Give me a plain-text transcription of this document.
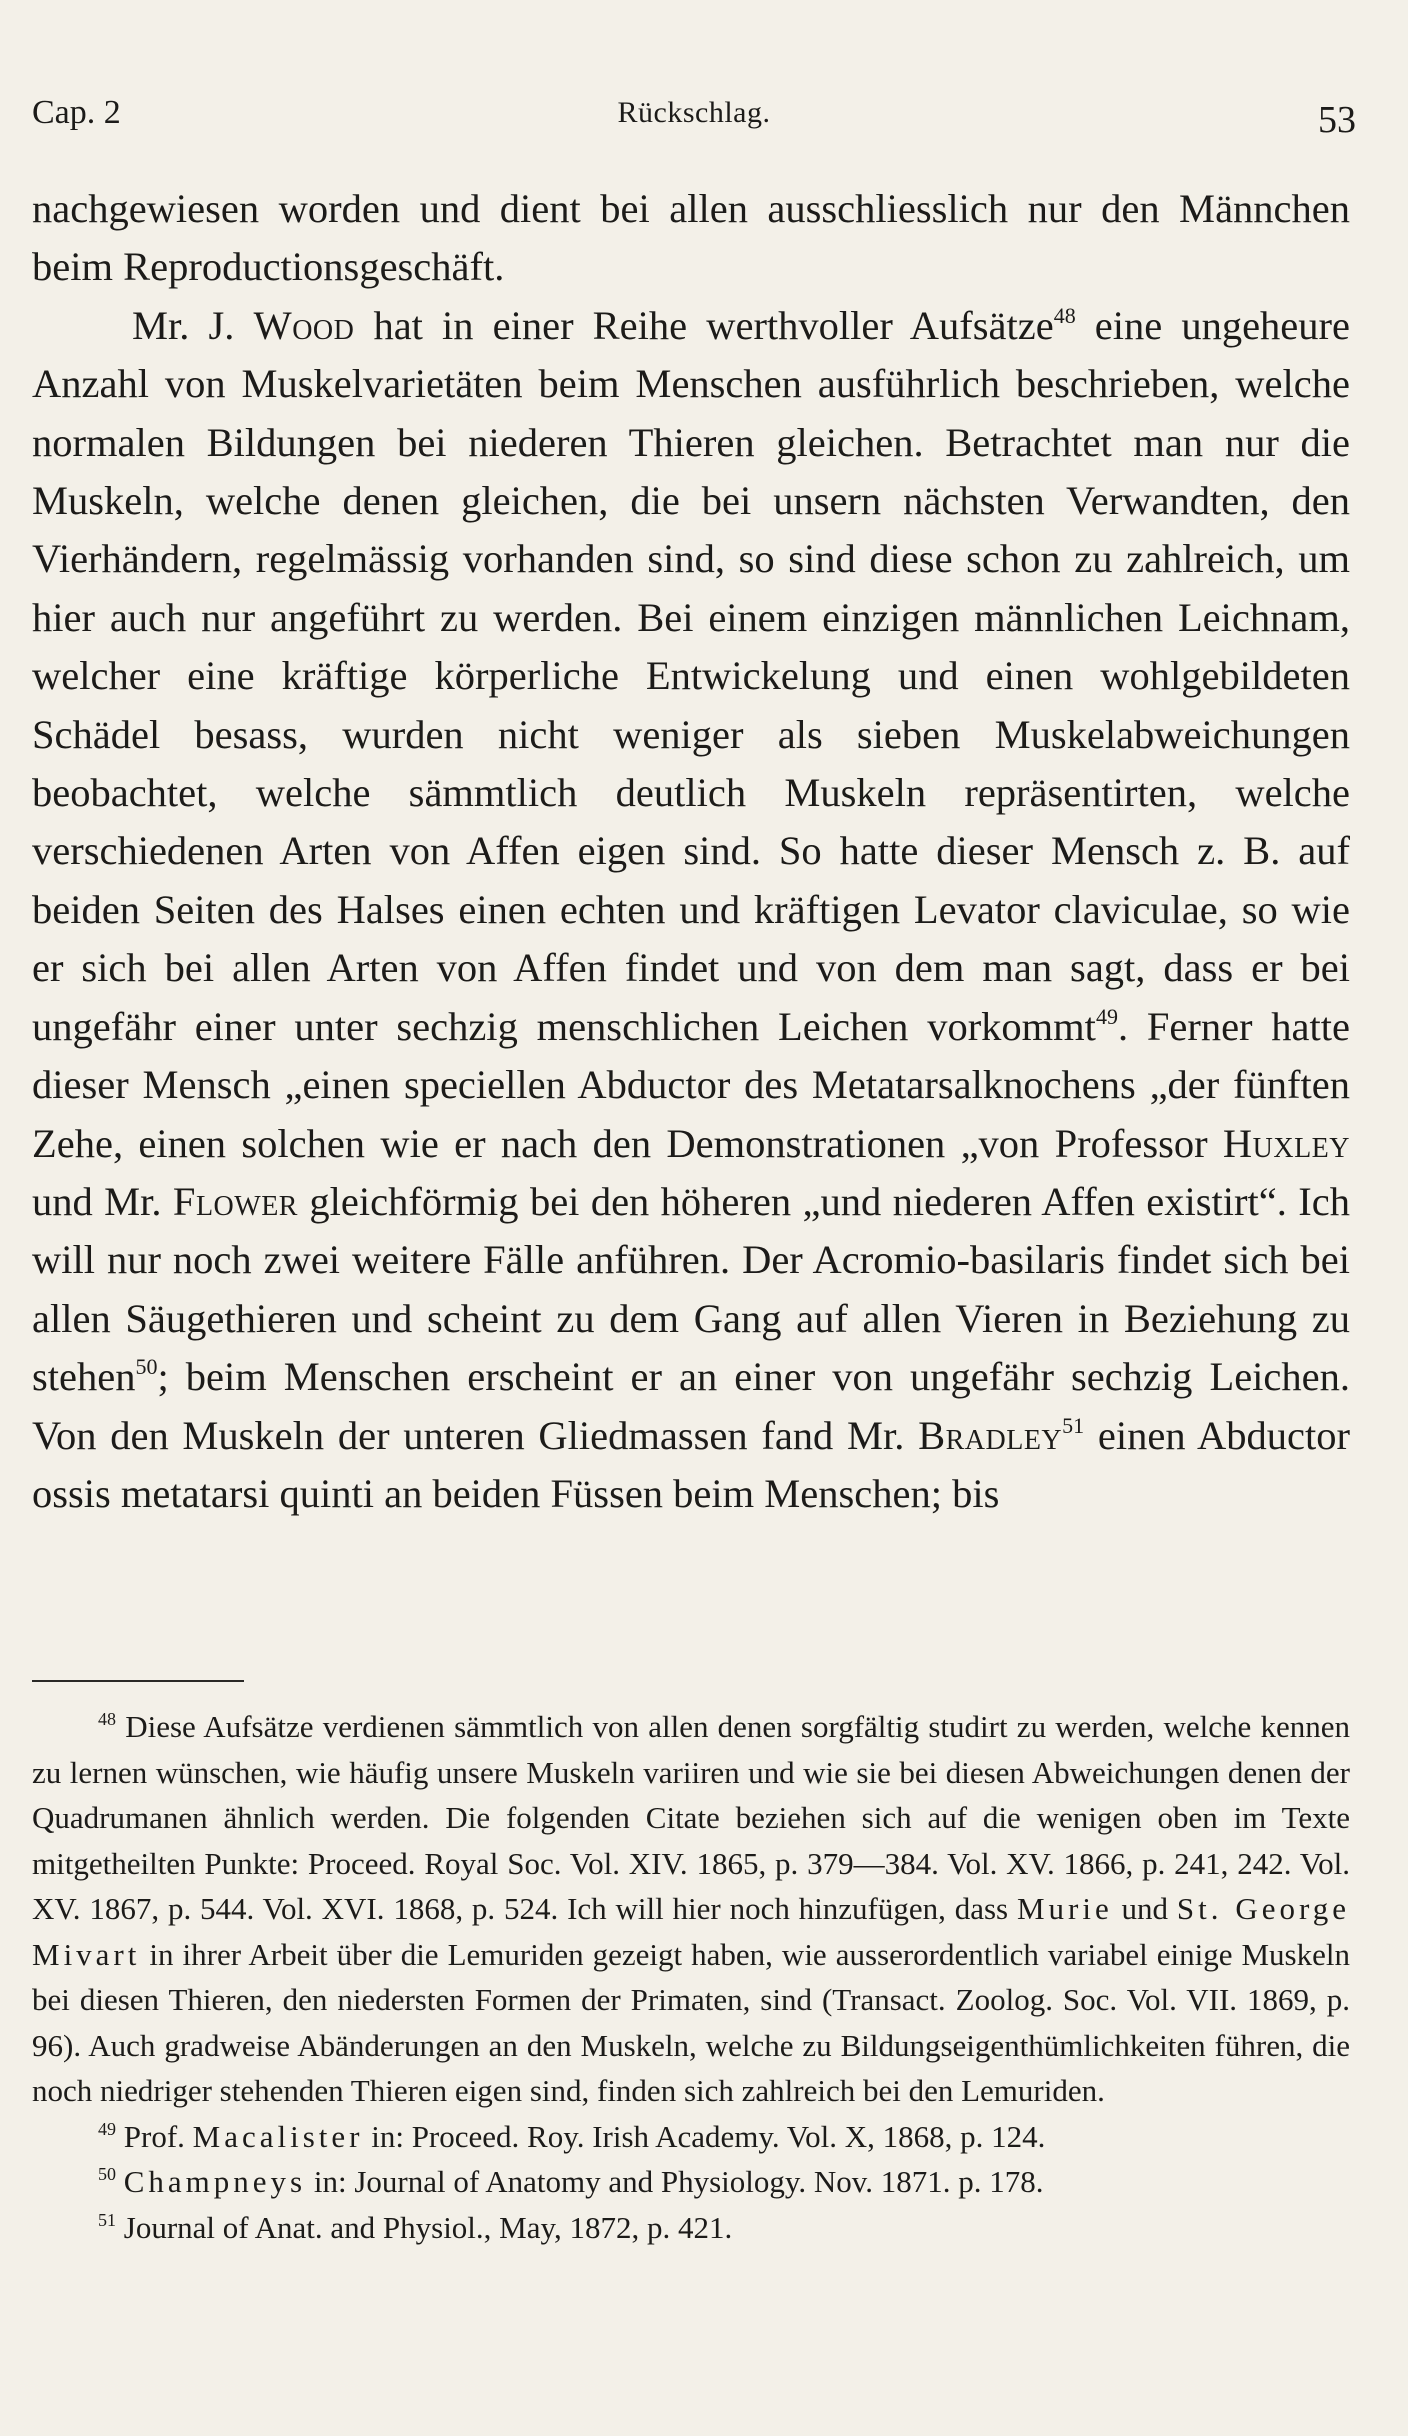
Cap. 2	Rückschlag.	53

nachgewiesen worden und dient bei allen ausschliesslich nur den Männchen beim Reproductionsgeschäft.

Mr. J. Wood hat in einer Reihe werthvoller Aufsätze$^{48}$ eine ungeheure Anzahl von Muskelvarietäten beim Menschen ausführlich beschrieben, welche normalen Bildungen bei niederen Thieren gleichen. Betrachtet man nur die Muskeln, welche denen gleichen, die bei unsern nächsten Verwandten, den Vierhändern, regelmässig vorhanden sind, so sind diese schon zu zahlreich, um hier auch nur angeführt zu werden. Bei einem einzigen männlichen Leichnam, welcher eine kräftige körperliche Entwickelung und einen wohlgebildeten Schädel besass, wurden nicht weniger als sieben Muskelabweichungen beobachtet, welche sämmtlich deutlich Muskeln repräsentirten, welche verschiedenen Arten von Affen eigen sind. So hatte dieser Mensch z. B. auf beiden Seiten des Halses einen echten und kräftigen Levator claviculae, so wie er sich bei allen Arten von Affen findet und von dem man sagt, dass er bei ungefähr einer unter sechzig menschlichen Leichen vorkommt$^{49}$. Ferner hatte dieser Mensch „einen speciellen Abductor des Metatarsalknochens „der fünften Zehe, einen solchen wie er nach den Demonstrationen „von Professor Huxley und Mr. Flower gleichförmig bei den höheren „und niederen Affen existirt“. Ich will nur noch zwei weitere Fälle anführen. Der Acromio-basilaris findet sich bei allen Säugethieren und scheint zu dem Gang auf allen Vieren in Beziehung zu stehen$^{50}$; beim Menschen erscheint er an einer von ungefähr sechzig Leichen. Von den Muskeln der unteren Gliedmassen fand Mr. Bradley$^{51}$ einen Abductor ossis metatarsi quinti an beiden Füssen beim Menschen; bis

$^{48}$ Diese Aufsätze verdienen sämmtlich von allen denen sorgfältig studirt zu werden, welche kennen zu lernen wünschen, wie häufig unsere Muskeln variiren und wie sie bei diesen Abweichungen denen der Quadrumanen ähnlich werden. Die folgenden Citate beziehen sich auf die wenigen oben im Texte mitgetheilten Punkte: Proceed. Royal Soc. Vol. XIV. 1865, p. 379—384. Vol. XV. 1866, p. 241, 242. Vol. XV. 1867, p. 544. Vol. XVI. 1868, p. 524. Ich will hier noch hinzufügen, dass Murie und St. George Mivart in ihrer Arbeit über die Lemuriden gezeigt haben, wie ausserordentlich variabel einige Muskeln bei diesen Thieren, den niedersten Formen der Primaten, sind (Transact. Zoolog. Soc. Vol. VII. 1869, p. 96). Auch gradweise Abänderungen an den Muskeln, welche zu Bildungseigenthümlichkeiten führen, die noch niedriger stehenden Thieren eigen sind, finden sich zahlreich bei den Lemuriden.

$^{49}$ Prof. Macalister in: Proceed. Roy. Irish Academy. Vol. X, 1868, p. 124.

$^{50}$ Champneys in: Journal of Anatomy and Physiology. Nov. 1871. p. 178.

$^{51}$ Journal of Anat. and Physiol., May, 1872, p. 421.
